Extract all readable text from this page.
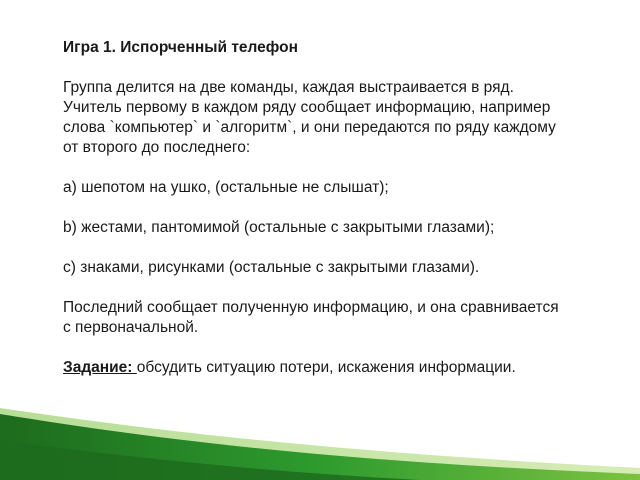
Игра 1. Испорченный телефон

Группа делится на две команды, каждая выстраивается в ряд. Учитель первому в каждом ряду сообщает информацию, например слова `компьютер` и `алгоритм`, и они передаются по ряду каждому от второго до последнего:

а) шепотом на ушко, (остальные не слышат);

b) жестами, пантомимой (остальные с закрытыми глазами);

с) знаками, рисунками (остальные с закрытыми глазами).

Последний сообщает полученную информацию, и она сравнивается с первоначальной.

Задание: обсудить ситуацию потери, искажения информации.
